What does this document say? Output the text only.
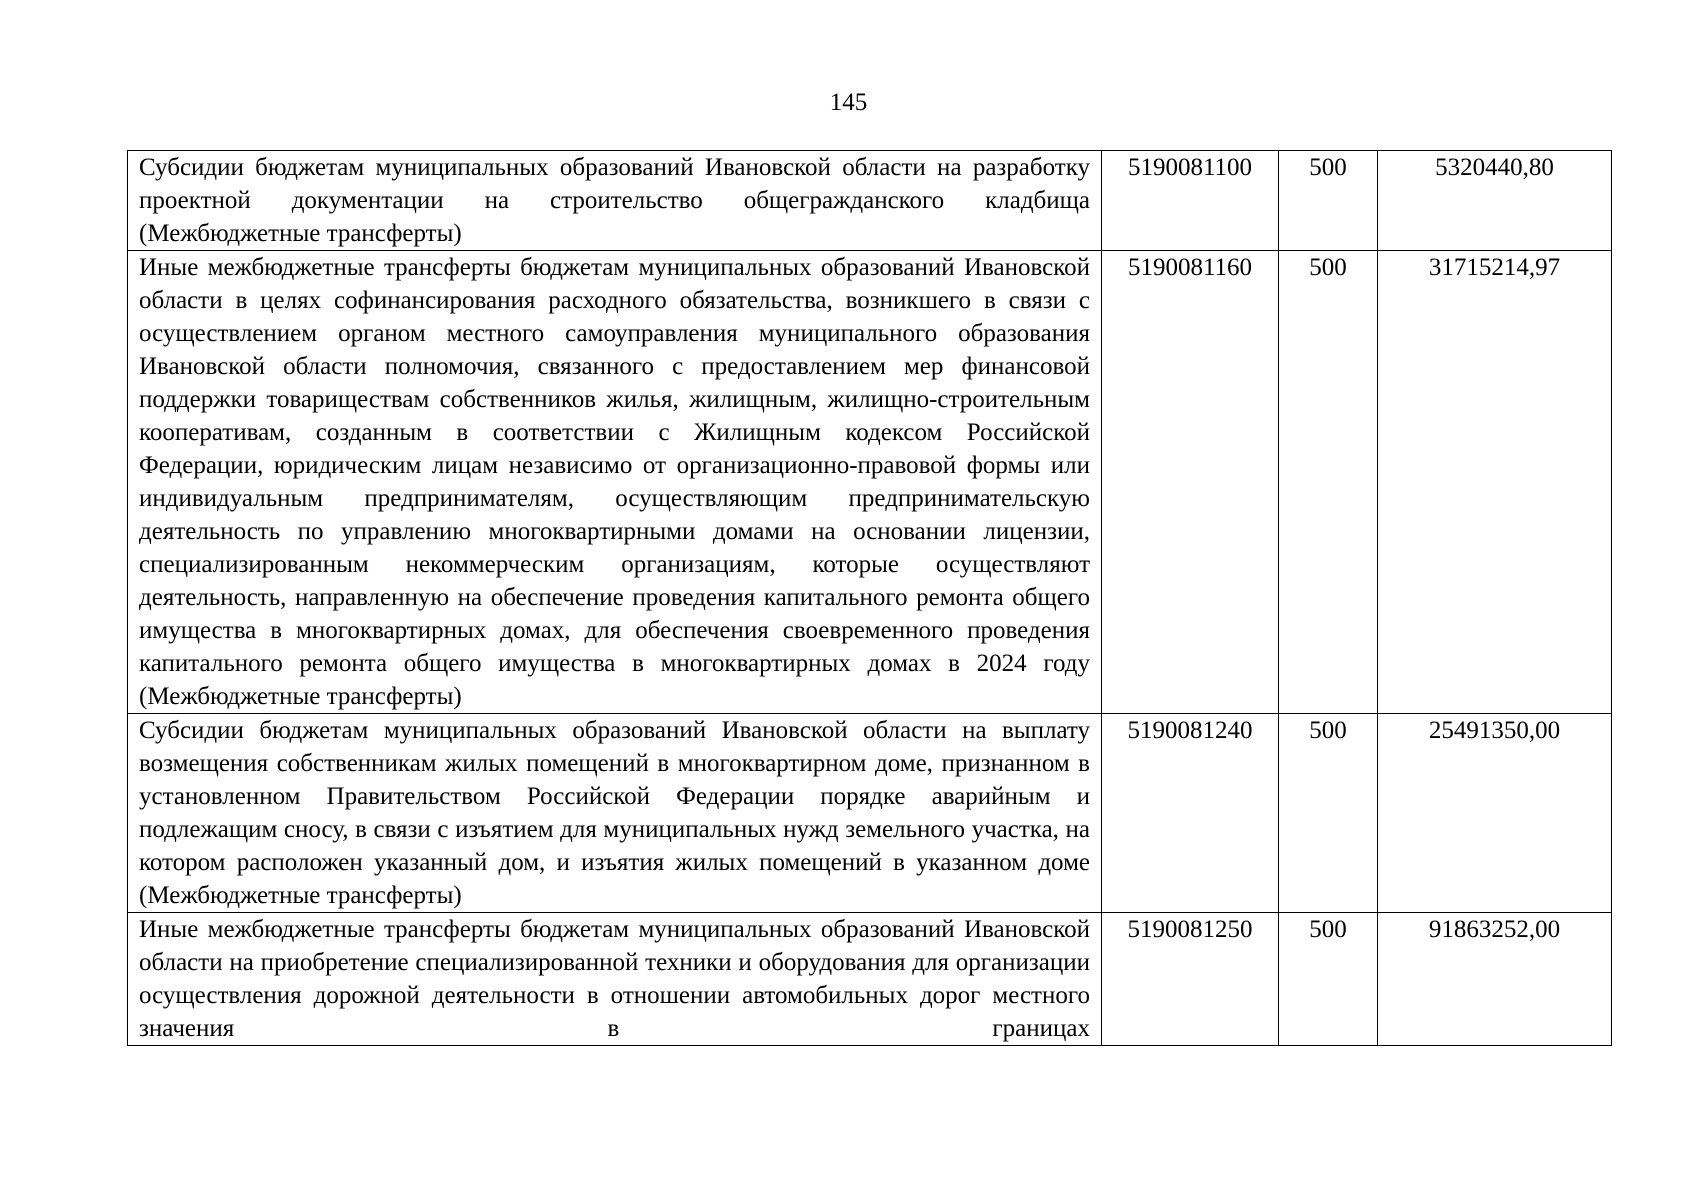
145
Субсидии бюджетам муниципальных образований Ивановской области на разработку проектной документации на строительство общегражданского кладбища (Межбюджетные трансферты)	5190081100	500	5320440,80
Иные межбюджетные трансферты бюджетам муниципальных образований Ивановской области в целях софинансирования расходного обязательства, возникшего в связи с осуществлением органом местного самоуправления муниципального образования Ивановской области полномочия, связанного с предоставлением мер финансовой поддержки товариществам собственников жилья, жилищным, жилищно-строительным кооперативам, созданным в соответствии с Жилищным кодексом Российской Федерации, юридическим лицам независимо от организационно-правовой формы или индивидуальным предпринимателям, осуществляющим предпринимательскую деятельность по управлению многоквартирными домами на основании лицензии, специализированным некоммерческим организациям, которые осуществляют деятельность, направленную на обеспечение проведения капитального ремонта общего имущества в многоквартирных домах, для обеспечения своевременного проведения капитального ремонта общего имущества в многоквартирных домах в 2024 году (Межбюджетные трансферты)	5190081160	500	31715214,97
Субсидии бюджетам муниципальных образований Ивановской области на выплату возмещения собственникам жилых помещений в многоквартирном доме, признанном в установленном Правительством Российской Федерации порядке аварийным и подлежащим сносу, в связи с изъятием для муниципальных нужд земельного участка, на котором расположен указанный дом, и изъятия жилых помещений в указанном доме (Межбюджетные трансферты)	5190081240	500	25491350,00
Иные межбюджетные трансферты бюджетам муниципальных образований Ивановской области на приобретение специализированной техники и оборудования для организации осуществления дорожной деятельности в отношении автомобильных дорог местного значения в границах	5190081250	500	91863252,00
